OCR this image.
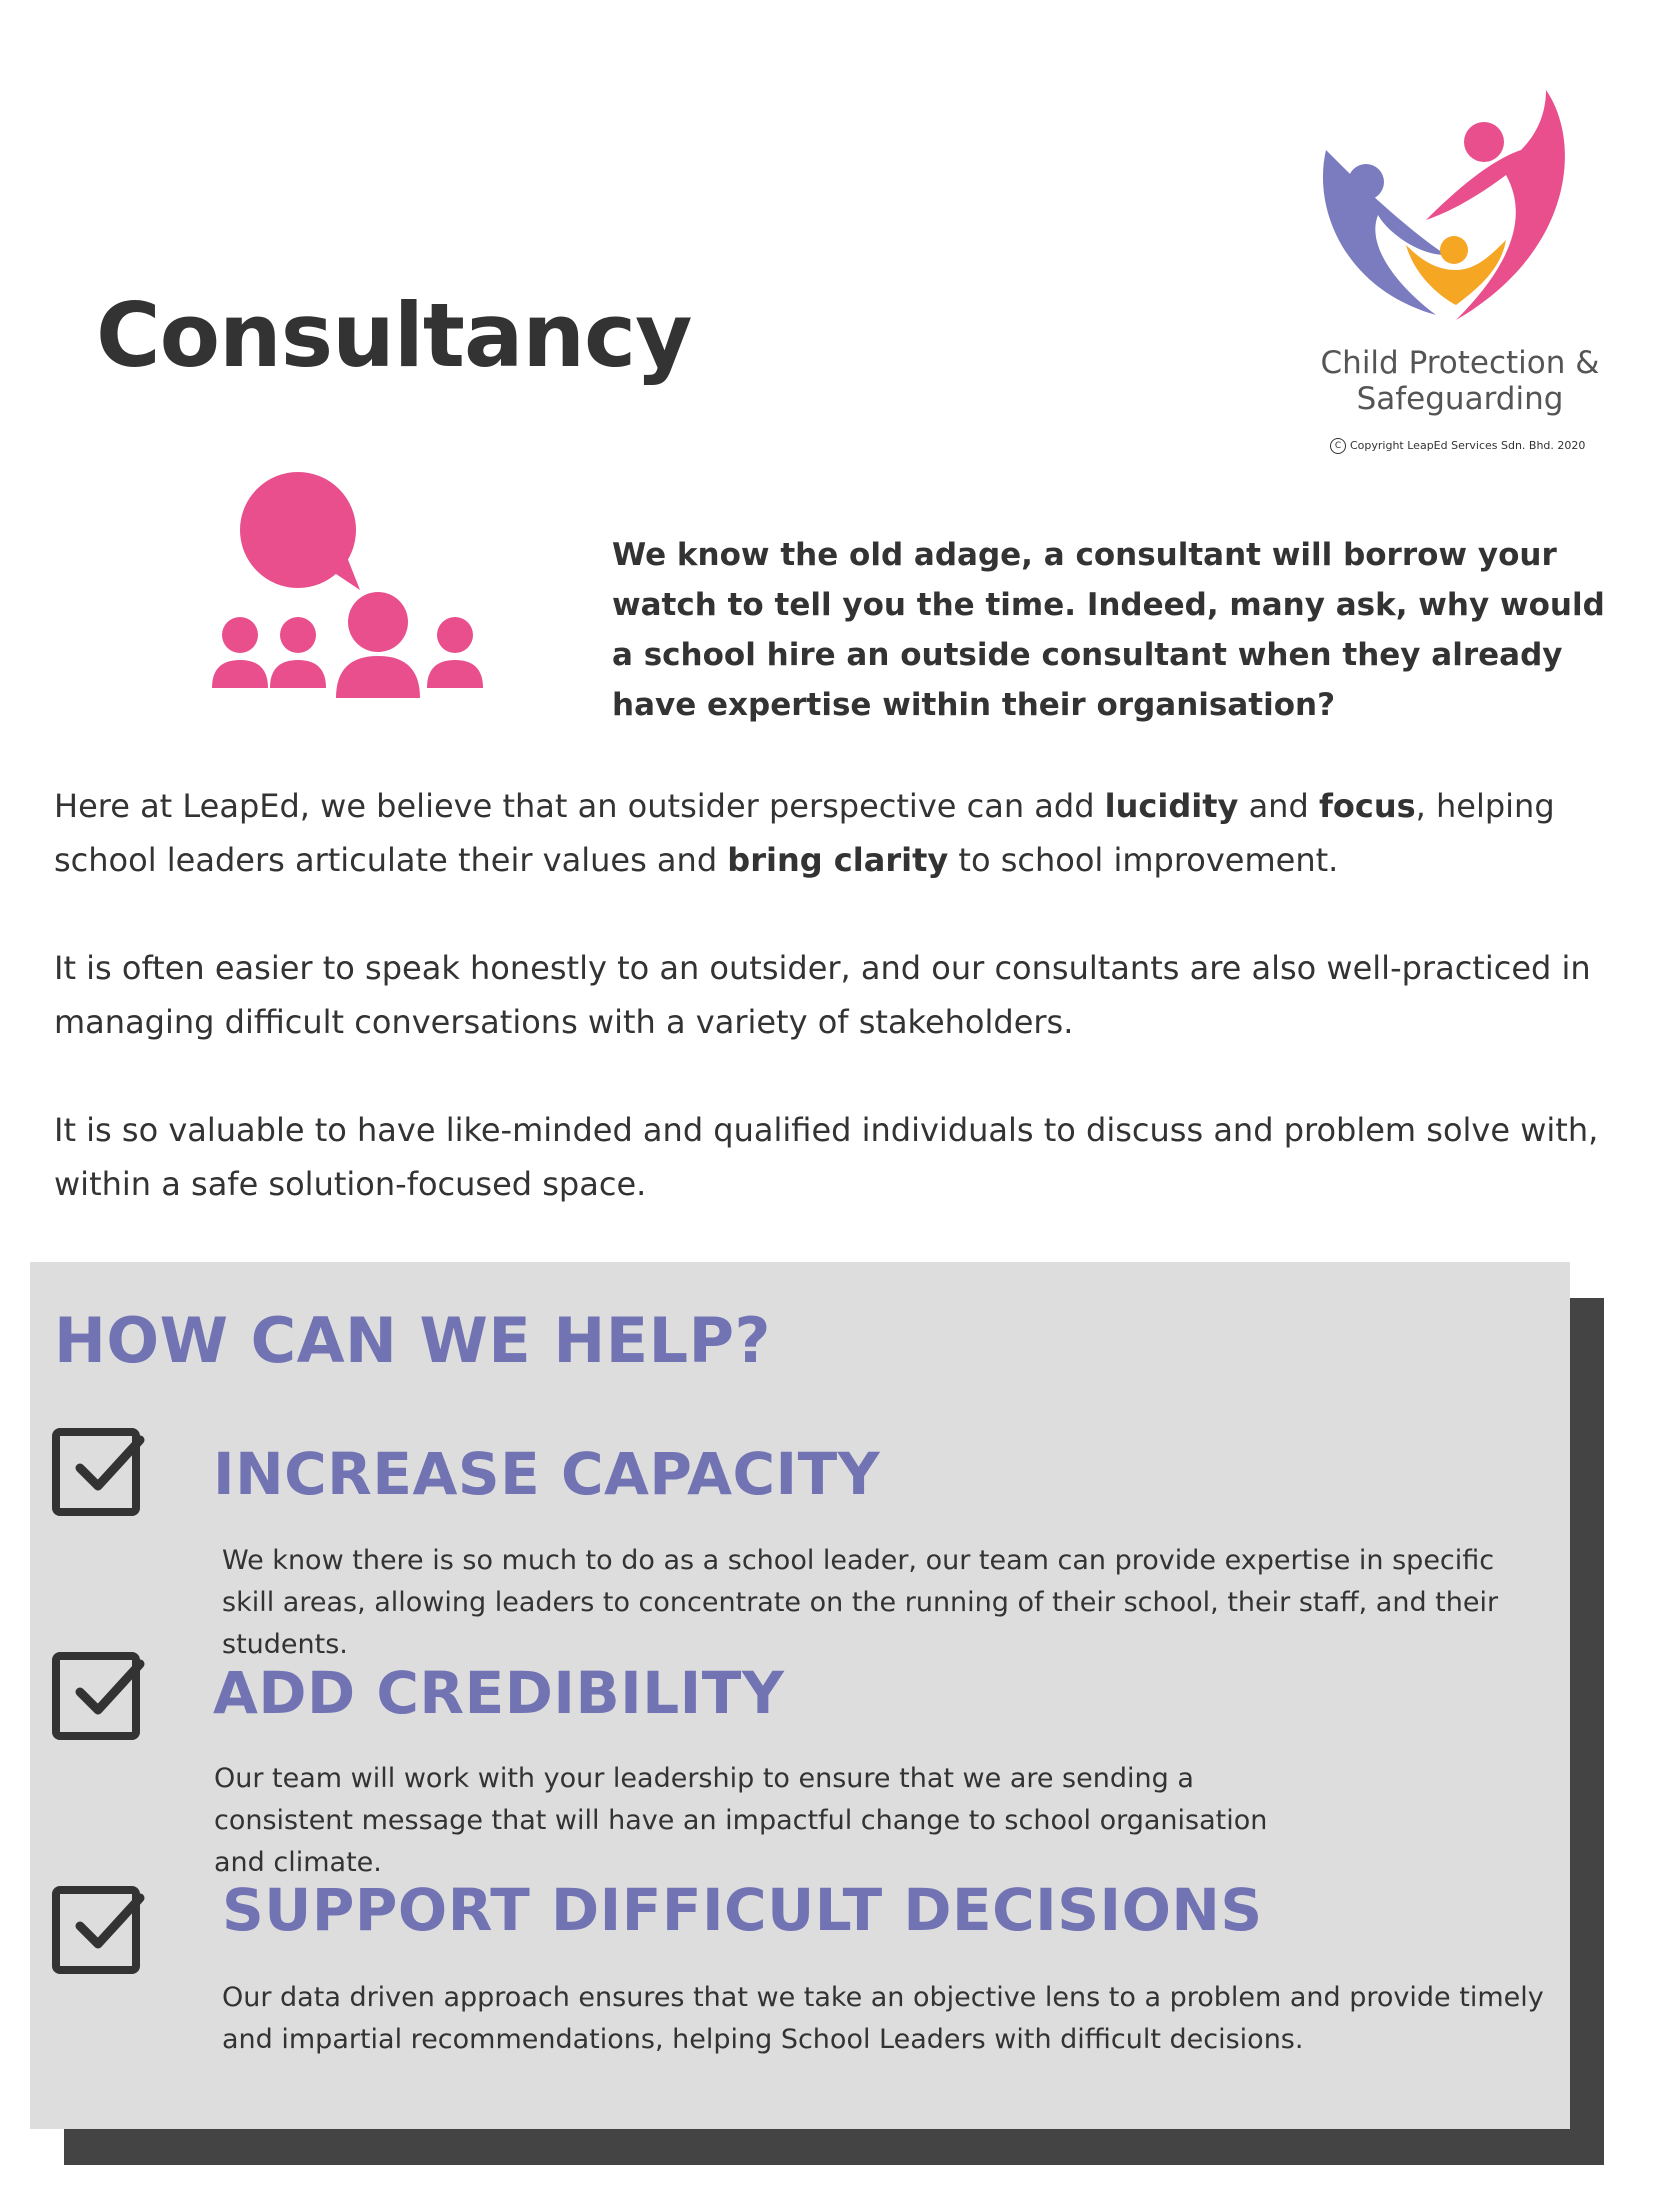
Consultancy	Child Protection &
Safeguarding
C Copyright LeapEd Services Sdn. Bhd. 2020
We know the old adage, a consultant will borrow your watch to tell you the time. Indeed, many ask, why would a school hire an outside consultant when they already have expertise within their organisation?
Here at LeapEd, we believe that an outsider perspective can add lucidity and focus, helping school leaders articulate their values and bring clarity to school improvement.
It is often easier to speak honestly to an outsider, and our consultants are also well-practiced in managing difficult conversations with a variety of stakeholders.
It is so valuable to have like-minded and qualified individuals to discuss and problem solve with, within a safe solution-focused space.
HOW CAN WE HELP?
INCREASE CAPACITY
We know there is so much to do as a school leader, our team can provide expertise in specific skill areas, allowing leaders to concentrate on the running of their school, their staff, and their students.
ADD CREDIBILITY
Our team will work with your leadership to ensure that we are sending a consistent message that will have an impactful change to school organisation and climate.
SUPPORT DIFFICULT DECISIONS
Our data driven approach ensures that we take an objective lens to a problem and provide timely and impartial recommendations, helping School Leaders with difficult decisions.
